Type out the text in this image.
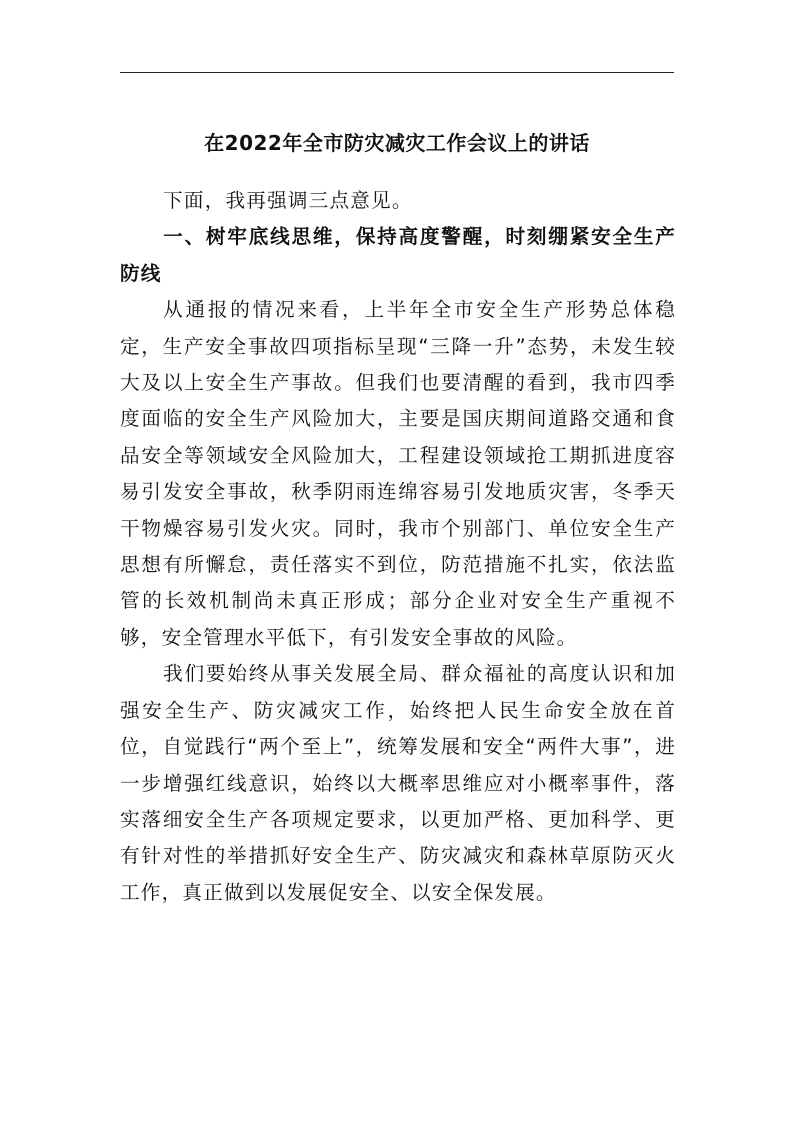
在2022年全市防灾减灾工作会议上的讲话

下面，我再强调三点意见。

一、树牢底线思维，保持高度警醒，时刻绷紧安全生产防线

从通报的情况来看，上半年全市安全生产形势总体稳定，生产安全事故四项指标呈现“三降一升”态势，未发生较大及以上安全生产事故。但我们也要清醒的看到，我市四季度面临的安全生产风险加大，主要是国庆期间道路交通和食品安全等领域安全风险加大，工程建设领域抢工期抓进度容易引发安全事故，秋季阴雨连绵容易引发地质灾害，冬季天干物燥容易引发火灾。同时，我市个别部门、单位安全生产思想有所懈怠，责任落实不到位，防范措施不扎实，依法监管的长效机制尚未真正形成；部分企业对安全生产重视不够，安全管理水平低下，有引发安全事故的风险。

我们要始终从事关发展全局、群众福祉的高度认识和加强安全生产、防灾减灾工作，始终把人民生命安全放在首位，自觉践行“两个至上”，统筹发展和安全“两件大事”，进一步增强红线意识，始终以大概率思维应对小概率事件，落实落细安全生产各项规定要求，以更加严格、更加科学、更有针对性的举措抓好安全生产、防灾减灾和森林草原防灭火工作，真正做到以发展促安全、以安全保发展。
